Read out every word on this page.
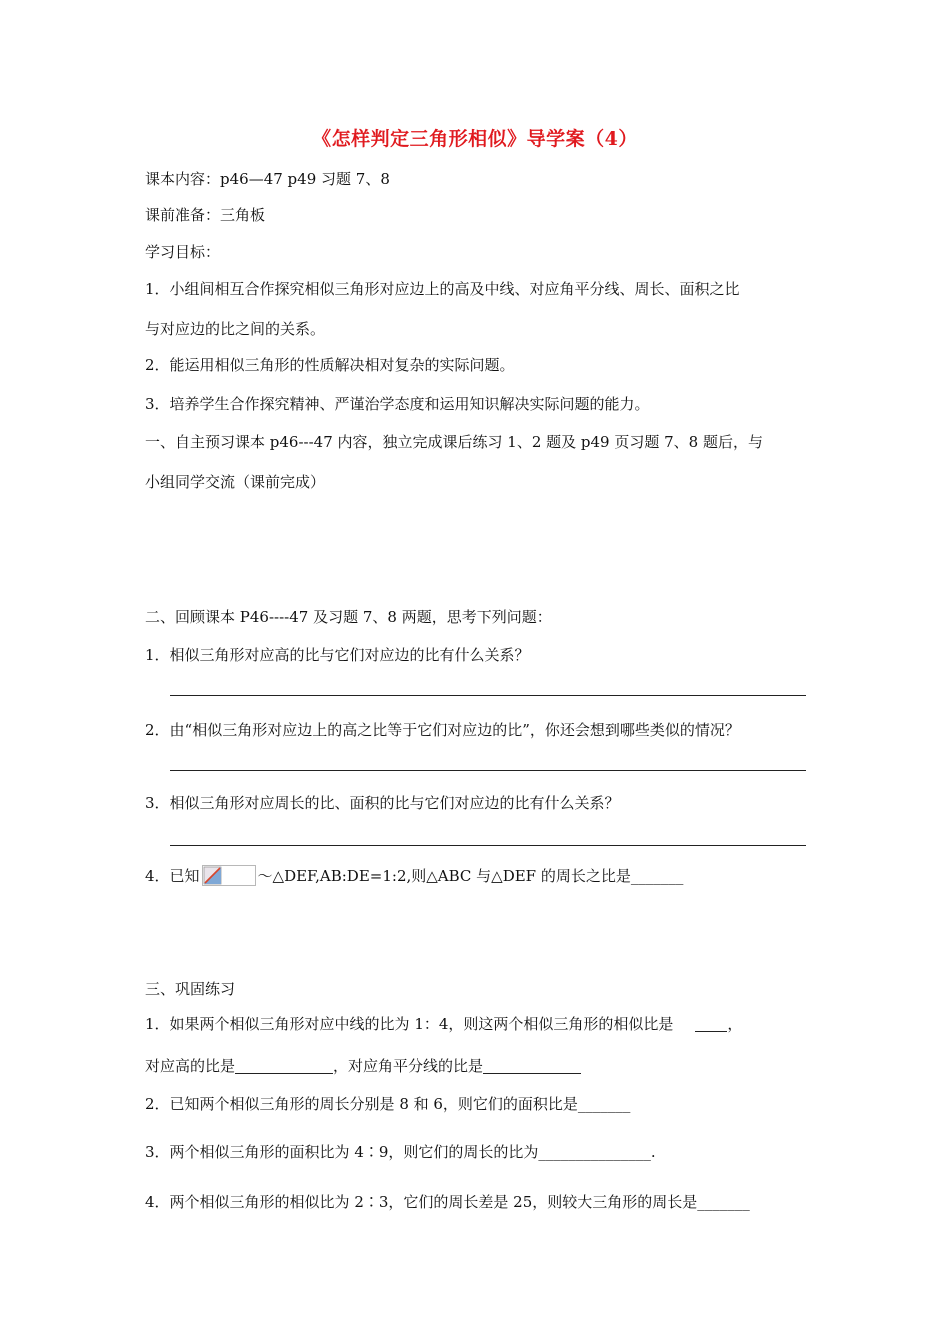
《怎样判定三角形相似》导学案（4）
课本内容：p46—47 p49 习题 7、8
课前准备：三角板
学习目标：
1．小组间相互合作探究相似三角形对应边上的高及中线、对应角平分线、周长、面积之比
与对应边的比之间的关系。
2．能运用相似三角形的性质解决相对复杂的实际问题。
3．培养学生合作探究精神、严谨治学态度和运用知识解决实际问题的能力。
一、自主预习课本 p46---47 内容，独立完成课后练习 1、2 题及 p49 页习题 7、8 题后，与
小组同学交流（课前完成）
二、回顾课本 P46----47 及习题 7、8 两题，思考下列问题：
1．相似三角形对应高的比与它们对应边的比有什么关系？
2．由“相似三角形对应边上的高之比等于它们对应边的比”，你还会想到哪些类似的情况？
3．相似三角形对应周长的比、面积的比与它们对应边的比有什么关系？
4．已知	～△DEF,AB:DE=1:2,则△ABC 与△DEF 的周长之比是_______
三、巩固练习
1．如果两个相似三角形对应中线的比为 1：4，则这两个相似三角形的相似比是	，
对应高的比是	，对应角平分线的比是
2．已知两个相似三角形的周长分别是 8 和 6，则它们的面积比是_______
3．两个相似三角形的面积比为 4∶9，则它们的周长的比为_______________.
4．两个相似三角形的相似比为 2∶3，它们的周长差是 25，则较大三角形的周长是_______
